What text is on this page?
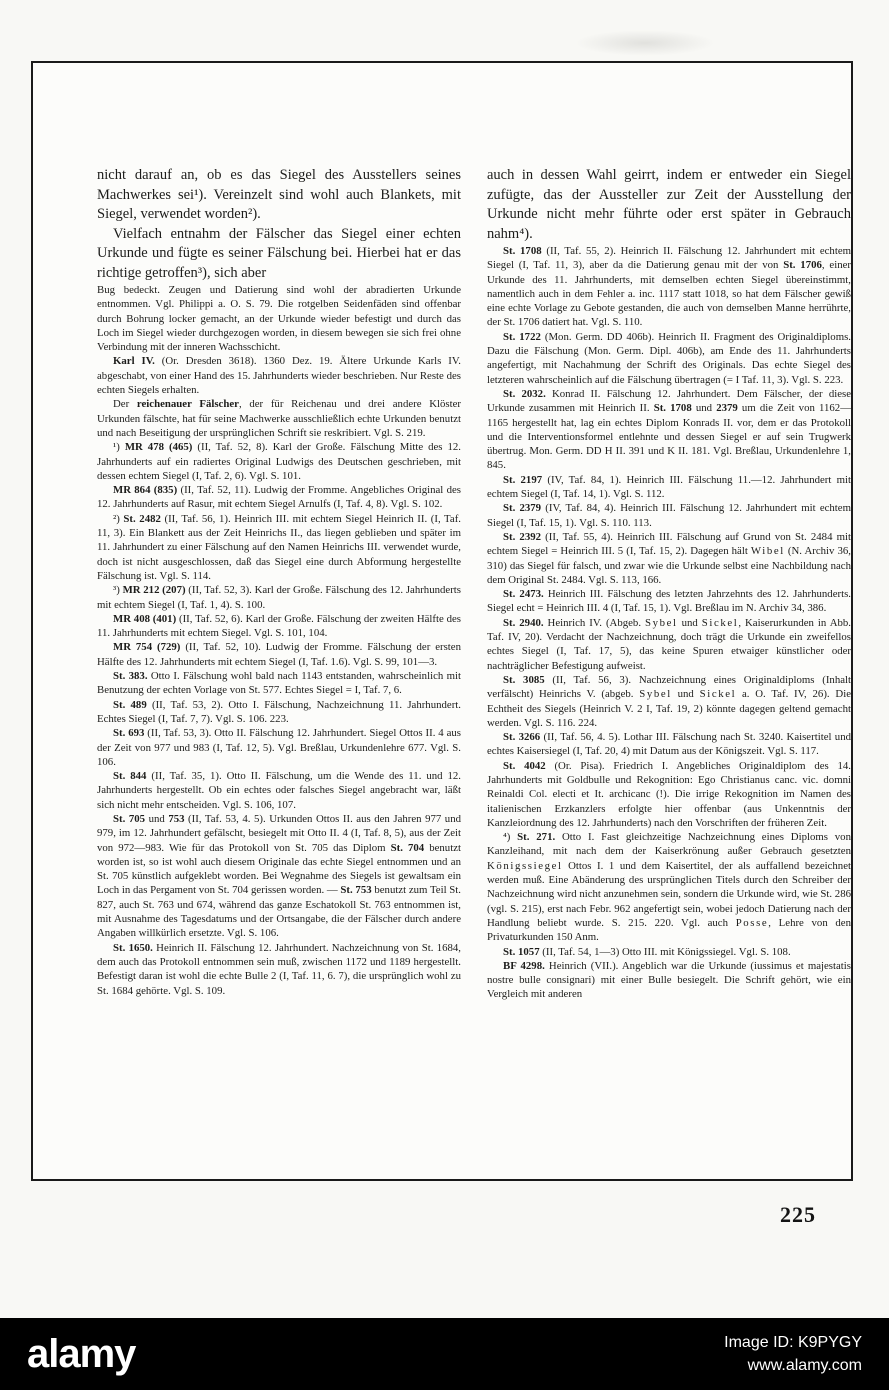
nicht darauf an, ob es das Siegel des Ausstellers seines Machwerkes sei¹). Vereinzelt sind wohl auch Blankets, mit Siegel, verwendet worden²).

Vielfach entnahm der Fälscher das Siegel einer echten Urkunde und fügte es seiner Fälschung bei. Hierbei hat er das richtige getroffen³), sich aber

Bug bedeckt. Zeugen und Datierung sind wohl der abradierten Urkunde entnommen. Vgl. Philippi a. O. S. 79. Die rotgelben Seidenfäden sind offenbar durch Bohrung locker gemacht, an der Urkunde wieder befestigt und durch das Loch im Siegel wieder durchgezogen worden, in diesem bewegen sie sich frei ohne Verbindung mit der inneren Wachsschicht.

Karl IV. (Or. Dresden 3618). 1360 Dez. 19. Ältere Urkunde Karls IV. abgeschabt, von einer Hand des 15. Jahrhunderts wieder beschrieben. Nur Reste des echten Siegels erhalten.

Der reichenauer Fälscher, der für Reichenau und drei andere Klöster Urkunden fälschte, hat für seine Machwerke ausschließlich echte Urkunden benutzt und nach Beseitigung der ursprünglichen Schrift sie reskribiert. Vgl. S. 219.

¹) MR 478 (465) (II, Taf. 52, 8). Karl der Große. Fälschung Mitte des 12. Jahrhunderts auf ein radiertes Original Ludwigs des Deutschen geschrieben, mit dessen echtem Siegel (I, Taf. 2, 6). Vgl. S. 101.

MR 864 (835) (II, Taf. 52, 11). Ludwig der Fromme. Angebliches Original des 12. Jahrhunderts auf Rasur, mit echtem Siegel Arnulfs (I, Taf. 4, 8). Vgl. S. 102.

²) St. 2482 (II, Taf. 56, 1). Heinrich III. mit echtem Siegel Heinrich II. (I, Taf. 11, 3). Ein Blankett aus der Zeit Heinrichs II., das liegen geblieben und später im 11. Jahrhundert zu einer Fälschung auf den Namen Heinrichs III. verwendet wurde, doch ist nicht ausgeschlossen, daß das Siegel eine durch Abformung hergestellte Fälschung ist. Vgl. S. 114.

³) MR 212 (207) (II, Taf. 52, 3). Karl der Große. Fälschung des 12. Jahrhunderts mit echtem Siegel (I, Taf. 1, 4). S. 100.

MR 408 (401) (II, Taf. 52, 6). Karl der Große. Fälschung der zweiten Hälfte des 11. Jahrhunderts mit echtem Siegel. Vgl. S. 101, 104.

MR 754 (729) (II, Taf. 52, 10). Ludwig der Fromme. Fälschung der ersten Hälfte des 12. Jahrhunderts mit echtem Siegel (I, Taf. 1.6). Vgl. S. 99, 101—3.

St. 383. Otto I. Fälschung wohl bald nach 1143 entstanden, wahrscheinlich mit Benutzung der echten Vorlage von St. 577. Echtes Siegel = I, Taf. 7, 6.

St. 489 (II, Taf. 53, 2). Otto I. Fälschung, Nachzeichnung 11. Jahrhundert. Echtes Siegel (I, Taf. 7, 7). Vgl. S. 106. 223.

St. 693 (II, Taf. 53, 3). Otto II. Fälschung 12. Jahrhundert. Siegel Ottos II. 4 aus der Zeit von 977 und 983 (I, Taf. 12, 5). Vgl. Breßlau, Urkundenlehre 677. Vgl. S. 106.

St. 844 (II, Taf. 35, 1). Otto II. Fälschung, um die Wende des 11. und 12. Jahrhunderts hergestellt. Ob ein echtes oder falsches Siegel angebracht war, läßt sich nicht mehr entscheiden. Vgl. S. 106, 107.

St. 705 und 753 (II, Taf. 53, 4. 5). Urkunden Ottos II. aus den Jahren 977 und 979, im 12. Jahrhundert gefälscht, besiegelt mit Otto II. 4 (I, Taf. 8, 5), aus der Zeit von 972—983. Wie für das Protokoll von St. 705 das Diplom St. 704 benutzt worden ist, so ist wohl auch diesem Originale das echte Siegel entnommen und an St. 705 künstlich aufgeklebt worden. Bei Wegnahme des Siegels ist gewaltsam ein Loch in das Pergament von St. 704 gerissen worden. — St. 753 benutzt zum Teil St. 827, auch St. 763 und 674, während das ganze Eschatokoll St. 763 entnommen ist, mit Ausnahme des Tagesdatums und der Ortsangabe, die der Fälscher durch andere Angaben willkürlich ersetzte. Vgl. S. 106.

St. 1650. Heinrich II. Fälschung 12. Jahrhundert. Nachzeichnung von St. 1684, dem auch das Protokoll entnommen sein muß, zwischen 1172 und 1189 hergestellt. Befestigt daran ist wohl die echte Bulle 2 (I, Taf. 11, 6. 7), die ursprünglich wohl zu St. 1684 gehörte. Vgl. S. 109.

auch in dessen Wahl geirrt, indem er entweder ein Siegel zufügte, das der Aussteller zur Zeit der Ausstellung der Urkunde nicht mehr führte oder erst später in Gebrauch nahm⁴).

St. 1708 (II, Taf. 55, 2). Heinrich II. Fälschung 12. Jahrhundert mit echtem Siegel (I, Taf. 11, 3), aber da die Datierung genau mit der von St. 1706, einer Urkunde des 11. Jahrhunderts, mit demselben echten Siegel übereinstimmt, namentlich auch in dem Fehler a. inc. 1117 statt 1018, so hat dem Fälscher gewiß eine echte Vorlage zu Gebote gestanden, die auch von demselben Manne herrührte, der St. 1706 datiert hat. Vgl. S. 110.

St. 1722 (Mon. Germ. DD 406b). Heinrich II. Fragment des Originaldiploms. Dazu die Fälschung (Mon. Germ. Dipl. 406b), am Ende des 11. Jahrhunderts angefertigt, mit Nachahmung der Schrift des Originals. Das echte Siegel des letzteren wahrscheinlich auf die Fälschung übertragen (= I Taf. 11, 3). Vgl. S. 223.

St. 2032. Konrad II. Fälschung 12. Jahrhundert. Dem Fälscher, der diese Urkunde zusammen mit Heinrich II. St. 1708 und 2379 um die Zeit von 1162—1165 hergestellt hat, lag ein echtes Diplom Konrads II. vor, dem er das Protokoll und die Interventionsformel entlehnte und dessen Siegel er auf sein Trugwerk übertrug. Mon. Germ. DD H II. 391 und K II. 181. Vgl. Breßlau, Urkundenlehre 1, 845.

St. 2197 (IV, Taf. 84, 1). Heinrich III. Fälschung 11.—12. Jahrhundert mit echtem Siegel (I, Taf. 14, 1). Vgl. S. 112.

St. 2379 (IV, Taf. 84, 4). Heinrich III. Fälschung 12. Jahrhundert mit echtem Siegel (I, Taf. 15, 1). Vgl. S. 110. 113.

St. 2392 (II, Taf. 55, 4). Heinrich III. Fälschung auf Grund von St. 2484 mit echtem Siegel = Heinrich III. 5 (I, Taf. 15, 2). Dagegen hält Wibel (N. Archiv 36, 310) das Siegel für falsch, und zwar wie die Urkunde selbst eine Nachbildung nach dem Original St. 2484. Vgl. S. 113, 166.

St. 2473. Heinrich III. Fälschung des letzten Jahrzehnts des 12. Jahrhunderts. Siegel echt = Heinrich III. 4 (I, Taf. 15, 1). Vgl. Breßlau im N. Archiv 34, 386.

St. 2940. Heinrich IV. (Abgeb. Sybel und Sickel, Kaiserurkunden in Abb. Taf. IV, 20). Verdacht der Nachzeichnung, doch trägt die Urkunde ein zweifellos echtes Siegel (I, Taf. 17, 5), das keine Spuren etwaiger künstlicher oder nachträglicher Befestigung aufweist.

St. 3085 (II, Taf. 56, 3). Nachzeichnung eines Originaldiploms (Inhalt verfälscht) Heinrichs V. (abgeb. Sybel und Sickel a. O. Taf. IV, 26). Die Echtheit des Siegels (Heinrich V. 2 I, Taf. 19, 2) könnte dagegen geltend gemacht werden. Vgl. S. 116. 224.

St. 3266 (II, Taf. 56, 4. 5). Lothar III. Fälschung nach St. 3240. Kaisertitel und echtes Kaisersiegel (I, Taf. 20, 4) mit Datum aus der Königszeit. Vgl. S. 117.

St. 4042 (Or. Pisa). Friedrich I. Angebliches Originaldiplom des 14. Jahrhunderts mit Goldbulle und Rekognition: Ego Christianus canc. vic. domni Reinaldi Col. electi et It. archicanc (!). Die irrige Rekognition im Namen des italienischen Erzkanzlers erfolgte hier offenbar (aus Unkenntnis der Kanzleiordnung des 12. Jahrhunderts) nach den Vorschriften der früheren Zeit.

⁴) St. 271. Otto I. Fast gleichzeitige Nachzeichnung eines Diploms von Kanzleihand, mit nach dem der Kaiserkrönung außer Gebrauch gesetzten Königssiegel Ottos I. 1 und dem Kaisertitel, der als auffallend bezeichnet werden muß. Eine Abänderung des ursprünglichen Titels durch den Schreiber der Nachzeichnung wird nicht anzunehmen sein, sondern die Urkunde wird, wie St. 286 (vgl. S. 215), erst nach Febr. 962 angefertigt sein, wobei jedoch Datierung nach der Handlung beliebt wurde. S. 215. 220. Vgl. auch Posse, Lehre von den Privaturkunden 150 Anm.

St. 1057 (II, Taf. 54, 1—3) Otto III. mit Königssiegel. Vgl. S. 108.

BF 4298. Heinrich (VII.). Angeblich war die Urkunde (iussimus et majestatis nostre bulle consignari) mit einer Bulle besiegelt. Die Schrift gehört, wie ein Vergleich mit anderen

225
alamy	Image ID: K9PYGY
www.alamy.com
